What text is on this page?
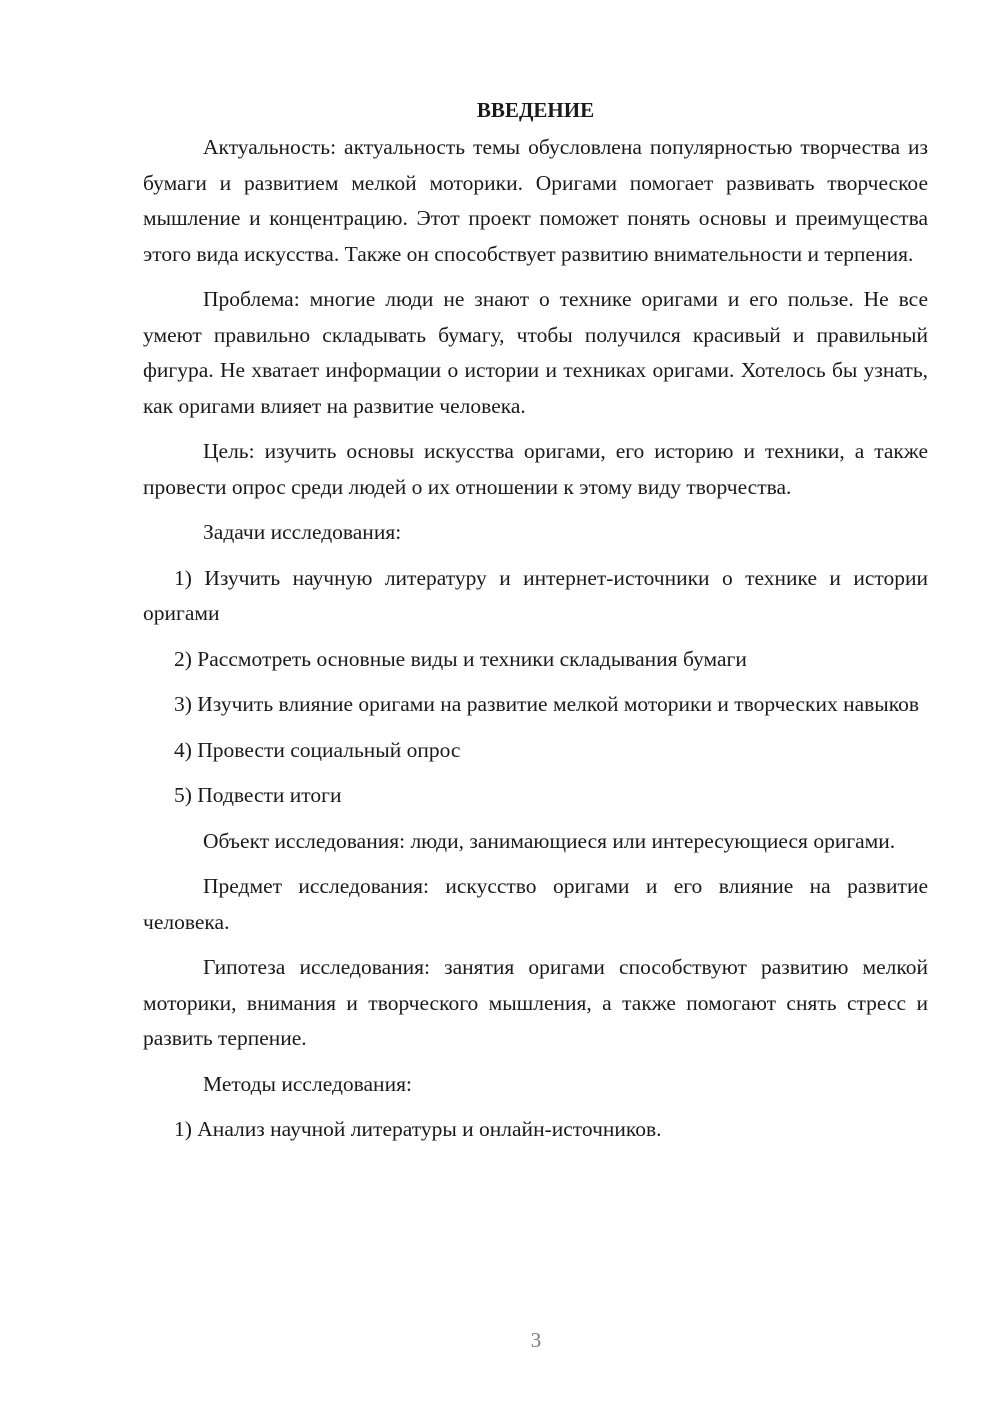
ВВЕДЕНИЕ

Актуальность: актуальность темы обусловлена популярностью творчества из бумаги и развитием мелкой моторики. Оригами помогает развивать творческое мышление и концентрацию. Этот проект поможет понять основы и преимущества этого вида искусства. Также он способствует развитию внимательности и терпения.

Проблема: многие люди не знают о технике оригами и его пользе. Не все умеют правильно складывать бумагу, чтобы получился красивый и правильный фигура. Не хватает информации о истории и техниках оригами. Хотелось бы узнать, как оригами влияет на развитие человека.

Цель: изучить основы искусства оригами, его историю и техники, а также провести опрос среди людей о их отношении к этому виду творчества.

Задачи исследования:

1) Изучить научную литературу и интернет-источники о технике и истории оригами

2) Рассмотреть основные виды и техники складывания бумаги

3) Изучить влияние оригами на развитие мелкой моторики и творческих навыков

4) Провести социальный опрос

5) Подвести итоги

Объект исследования: люди, занимающиеся или интересующиеся оригами.

Предмет исследования: искусство оригами и его влияние на развитие человека.

Гипотеза исследования: занятия оригами способствуют развитию мелкой моторики, внимания и творческого мышления, а также помогают снять стресс и развить терпение.

Методы исследования:

1) Анализ научной литературы и онлайн-источников.

3
